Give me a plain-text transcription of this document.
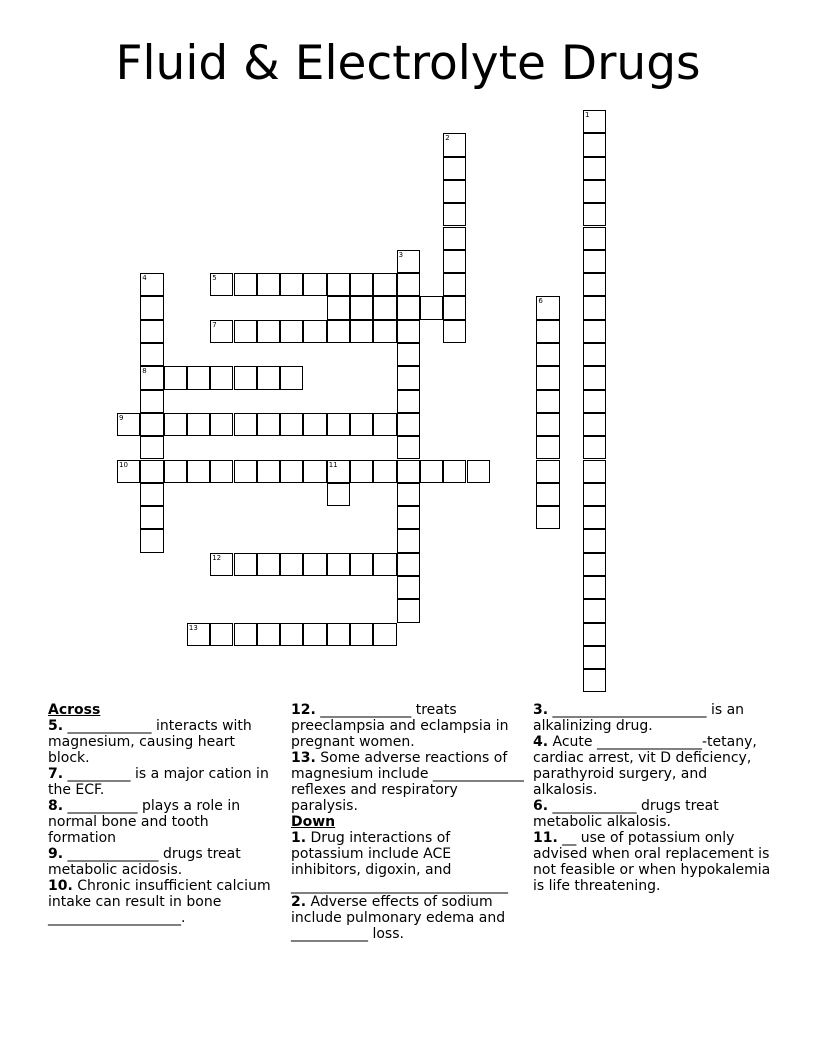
Fluid & Electrolyte Drugs
1
2
3
4
8
5
6
7
9
10	11
12
13
Across
5. ____________ interacts with magnesium, causing heart block.
7. _________ is a major cation in the ECF.
8. __________ plays a role in normal bone and tooth formation
9. _____________ drugs treat metabolic acidosis.
10. Chronic insufficient calcium intake can result in bone ___________________.
12. _____________ treats preeclampsia and eclampsia in pregnant women.
13. Some adverse reactions of magnesium include _____________ reflexes and respiratory paralysis.
Down
1. Drug interactions of potassium include ACE inhibitors, digoxin, and _______________________________
2. Adverse effects of sodium include pulmonary edema and ___________ loss.
3. ______________________ is an alkalinizing drug.
4. Acute _______________-tetany, cardiac arrest, vit D deficiency, parathyroid surgery, and alkalosis.
6. ____________ drugs treat metabolic alkalosis.
11. __ use of potassium only advised when oral replacement is not feasible or when hypokalemia is life threatening.
